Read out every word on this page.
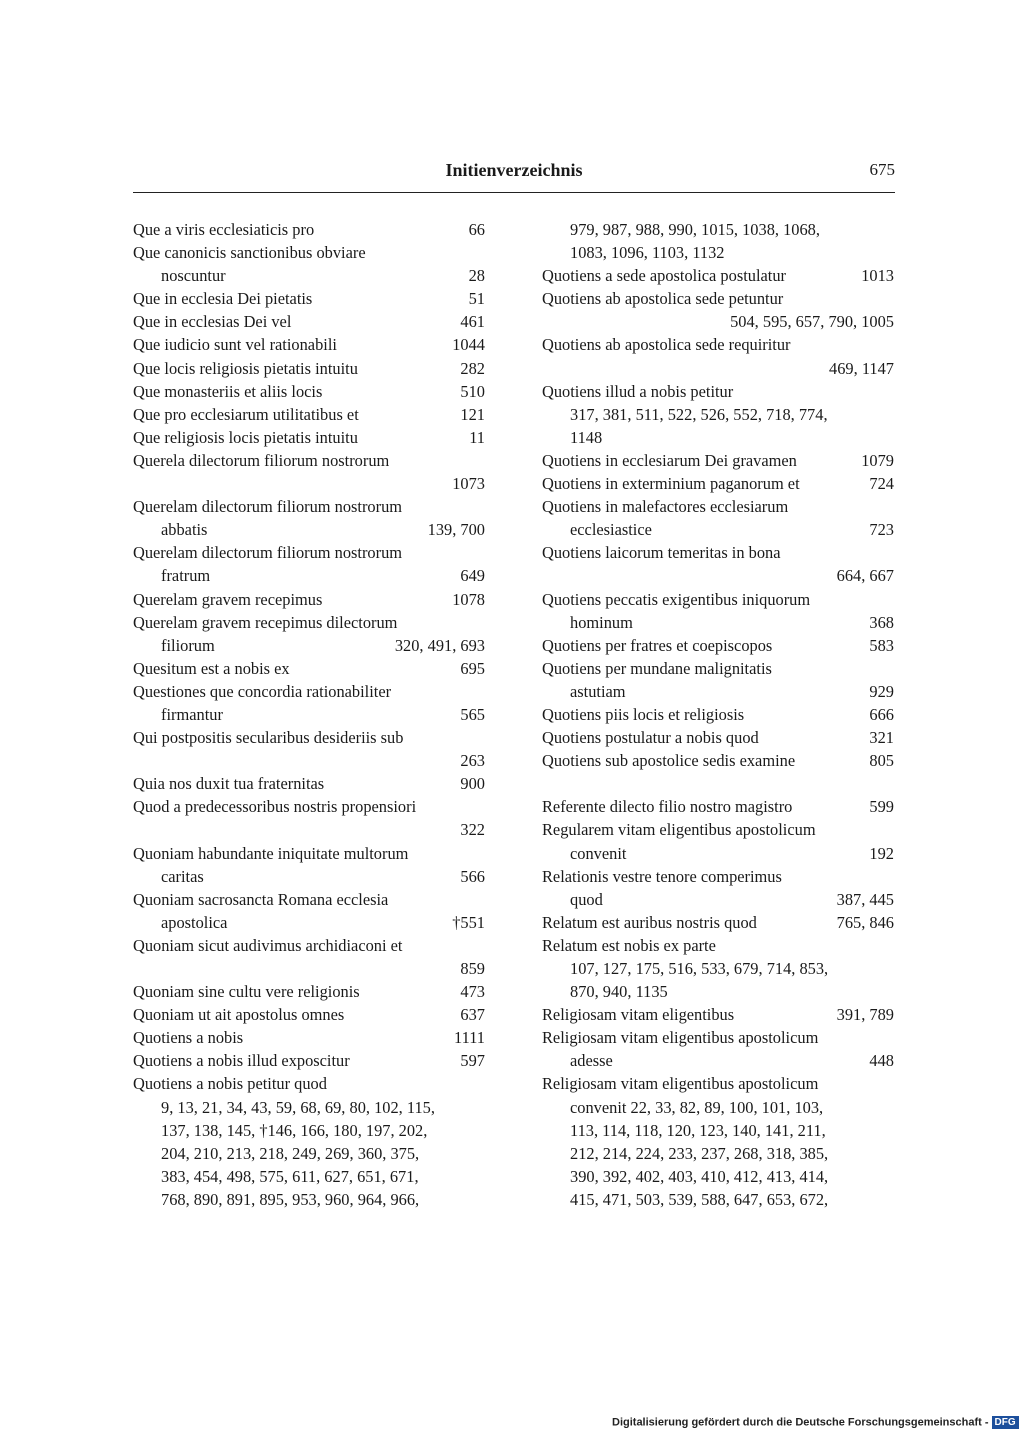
Initienverzeichnis	675
Que a viris ecclesiaticis pro	66
Que canonicis sanctionibus obviare
noscuntur	28
Que in ecclesia Dei pietatis	51
Que in ecclesias Dei vel	461
Que iudicio sunt vel rationabili	1044
Que locis religiosis pietatis intuitu	282
Que monasteriis et aliis locis	510
Que pro ecclesiarum utilitatibus et	121
Que religiosis locis pietatis intuitu	11
Querela dilectorum filiorum nostrorum
1073
Querelam dilectorum filiorum nostrorum
abbatis	139, 700
Querelam dilectorum filiorum nostrorum
fratrum	649
Querelam gravem recepimus	1078
Querelam gravem recepimus dilectorum
filiorum	320, 491, 693
Quesitum est a nobis ex	695
Questiones que concordia rationabiliter
firmantur	565
Qui postpositis secularibus desideriis sub
263
Quia nos duxit tua fraternitas	900
Quod a predecessoribus nostris propensiori
322
Quoniam habundante iniquitate multorum
caritas	566
Quoniam sacrosancta Romana ecclesia
apostolica	†551
Quoniam sicut audivimus archidiaconi et
859
Quoniam sine cultu vere religionis	473
Quoniam ut ait apostolus omnes	637
Quotiens a nobis	1111
Quotiens a nobis illud exposcitur	597
Quotiens a nobis petitur quod
9, 13, 21, 34, 43, 59, 68, 69, 80, 102, 115,
137, 138, 145, †146, 166, 180, 197, 202,
204, 210, 213, 218, 249, 269, 360, 375,
383, 454, 498, 575, 611, 627, 651, 671,
768, 890, 891, 895, 953, 960, 964, 966,
979, 987, 988, 990, 1015, 1038, 1068,
1083, 1096, 1103, 1132
Quotiens a sede apostolica postulatur	1013
Quotiens ab apostolica sede petuntur
504, 595, 657, 790, 1005
Quotiens ab apostolica sede requiritur
469, 1147
Quotiens illud a nobis petitur
317, 381, 511, 522, 526, 552, 718, 774,
1148
Quotiens in ecclesiarum Dei gravamen	1079
Quotiens in exterminium paganorum et	724
Quotiens in malefactores ecclesiarum
ecclesiastice	723
Quotiens laicorum temeritas in bona
664, 667
Quotiens peccatis exigentibus iniquorum
hominum	368
Quotiens per fratres et coepiscopos	583
Quotiens per mundane malignitatis
astutiam	929
Quotiens piis locis et religiosis	666
Quotiens postulatur a nobis quod	321
Quotiens sub apostolice sedis examine	805
Referente dilecto filio nostro magistro	599
Regularem vitam eligentibus apostolicum
convenit	192
Relationis vestre tenore comperimus
quod	387, 445
Relatum est auribus nostris quod	765, 846
Relatum est nobis ex parte
107, 127, 175, 516, 533, 679, 714, 853,
870, 940, 1135
Religiosam vitam eligentibus	391, 789
Religiosam vitam eligentibus apostolicum
adesse	448
Religiosam vitam eligentibus apostolicum
convenit 22, 33, 82, 89, 100, 101, 103,
113, 114, 118, 120, 123, 140, 141, 211,
212, 214, 224, 233, 237, 268, 318, 385,
390, 392, 402, 403, 410, 412, 413, 414,
415, 471, 503, 539, 588, 647, 653, 672,
Digitalisierung gefördert durch die Deutsche Forschungsgemeinschaft - DFG
